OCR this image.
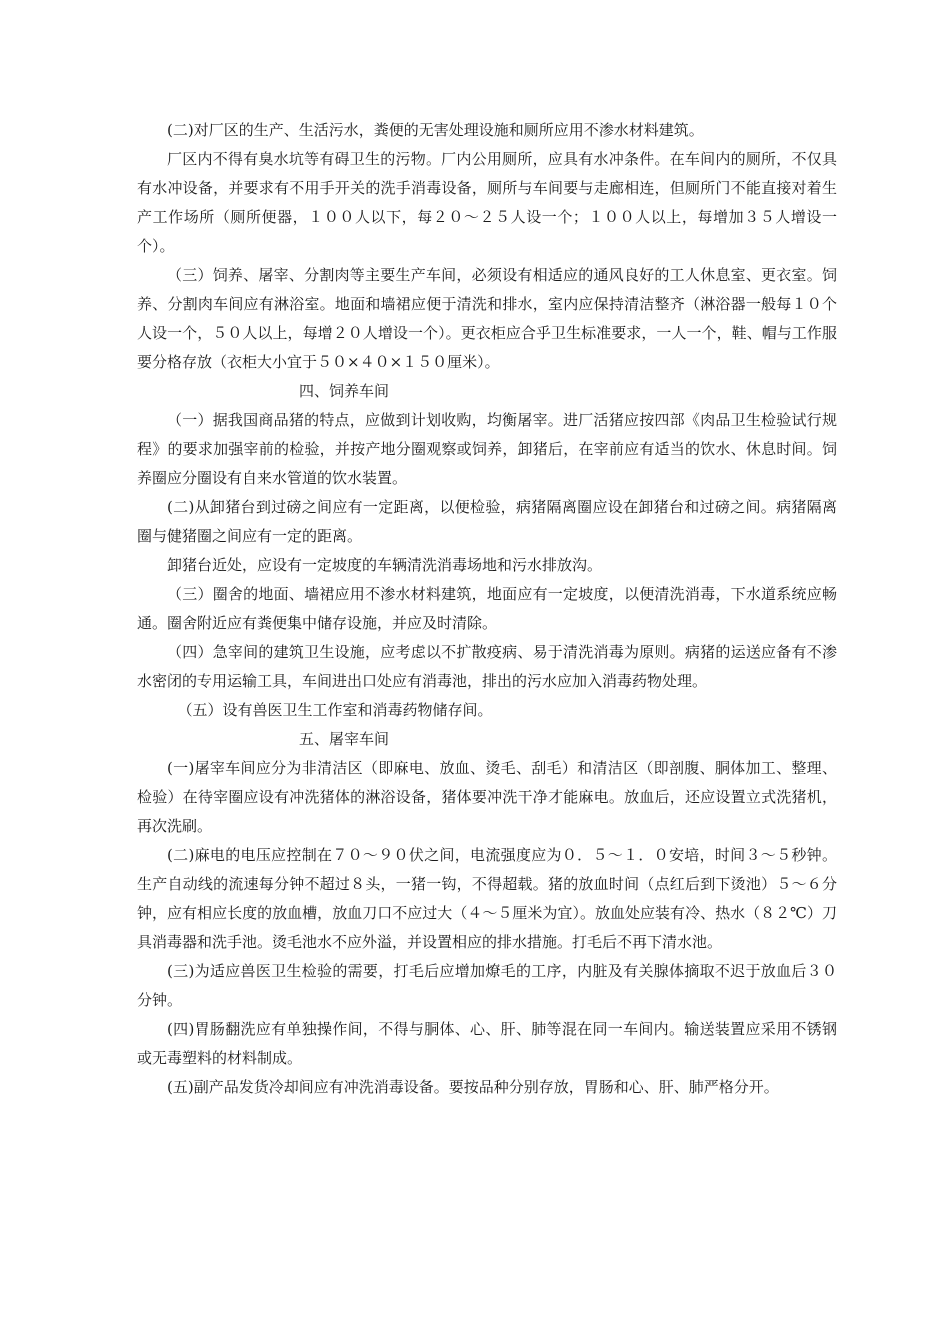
(二)对厂区的生产、生活污水，粪便的无害处理设施和厕所应用不渗水材料建筑。

厂区内不得有臭水坑等有碍卫生的污物。厂内公用厕所，应具有水冲条件。在车间内的厕所，不仅具有水冲设备，并要求有不用手开关的洗手消毒设备，厕所与车间要与走廊相连，但厕所门不能直接对着生产工作场所（厕所便器，１００人以下，每２０～２５人设一个；１００人以上，每增加３５人增设一个）。

（三）饲养、屠宰、分割肉等主要生产车间，必须设有相适应的通风良好的工人休息室、更衣室。饲养、分割肉车间应有淋浴室。地面和墙裙应便于清洗和排水，室内应保持清洁整齐（淋浴器一般每１０个人设一个，５０人以上，每增２０人增设一个）。更衣柜应合乎卫生标准要求，一人一个，鞋、帽与工作服要分格存放（衣柜大小宜于５０×４０×１５０厘米）。

四、饲养车间

（一）据我国商品猪的特点，应做到计划收购，均衡屠宰。进厂活猪应按四部《肉品卫生检验试行规程》的要求加强宰前的检验，并按产地分圈观察或饲养，卸猪后，在宰前应有适当的饮水、休息时间。饲养圈应分圈设有自来水管道的饮水装置。

(二)从卸猪台到过磅之间应有一定距离，以便检验，病猪隔离圈应设在卸猪台和过磅之间。病猪隔离圈与健猪圈之间应有一定的距离。

卸猪台近处，应设有一定坡度的车辆清洗消毒场地和污水排放沟。

（三）圈舍的地面、墙裙应用不渗水材料建筑，地面应有一定坡度，以便清洗消毒，下水道系统应畅通。圈舍附近应有粪便集中储存设施，并应及时清除。

（四）急宰间的建筑卫生设施，应考虑以不扩散疫病、易于清洗消毒为原则。病猪的运送应备有不渗水密闭的专用运输工具，车间进出口处应有消毒池，排出的污水应加入消毒药物处理。

（五）设有兽医卫生工作室和消毒药物储存间。

五、屠宰车间

(一)屠宰车间应分为非清洁区（即麻电、放血、烫毛、刮毛）和清洁区（即剖腹、胴体加工、整理、检验）在待宰圈应设有冲洗猪体的淋浴设备，猪体要冲洗干净才能麻电。放血后，还应设置立式洗猪机，再次洗刷。

(二)麻电的电压应控制在７０～９０伏之间，电流强度应为０．５～１．０安培，时间３～５秒钟。生产自动线的流速每分钟不超过８头，一猪一钩，不得超载。猪的放血时间（点红后到下烫池）５～６分钟，应有相应长度的放血槽，放血刀口不应过大（４～５厘米为宜）。放血处应装有冷、热水（８２℃）刀具消毒器和洗手池。烫毛池水不应外溢，并设置相应的排水措施。打毛后不再下清水池。

(三)为适应兽医卫生检验的需要，打毛后应增加燎毛的工序，内脏及有关腺体摘取不迟于放血后３０分钟。

(四)胃肠翻洗应有单独操作间，不得与胴体、心、肝、肺等混在同一车间内。输送装置应采用不锈钢或无毒塑料的材料制成。

(五)副产品发货冷却间应有冲洗消毒设备。要按品种分别存放，胃肠和心、肝、肺严格分开。
